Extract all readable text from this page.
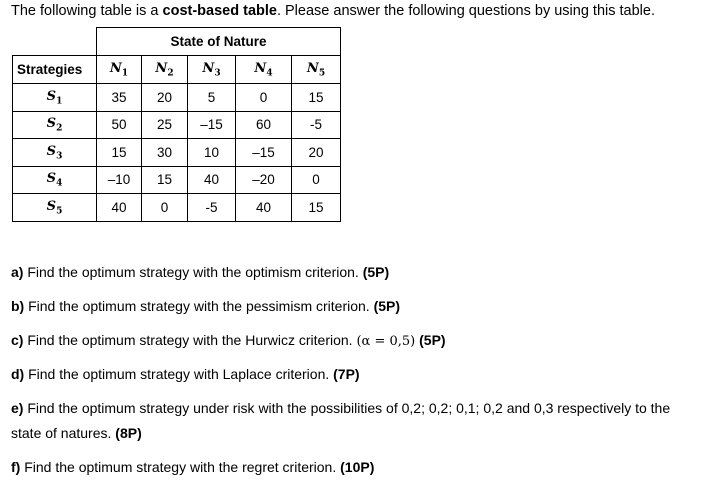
The following table is a cost-based table. Please answer the following questions by using this table.
	State of Nature				
Strategies	$N_1$	$N_2$	$N_3$	$N_4$	$N_5$
$S_1$	35	20	5	0	15
$S_2$	50	25	–15	60	-5
$S_3$	15	30	10	–15	20
$S_4$	–10	15	40	–20	0
$S_5$	40	0	-5	40	15
a) Find the optimum strategy with the optimism criterion. (5P)
b) Find the optimum strategy with the pessimism criterion. (5P)
c) Find the optimum strategy with the Hurwicz criterion. (α = 0,5) (5P)
d) Find the optimum strategy with Laplace criterion. (7P)
e) Find the optimum strategy under risk with the possibilities of 0,2; 0,2; 0,1; 0,2 and 0,3 respectively to the
state of natures. (8P)
f) Find the optimum strategy with the regret criterion. (10P)
